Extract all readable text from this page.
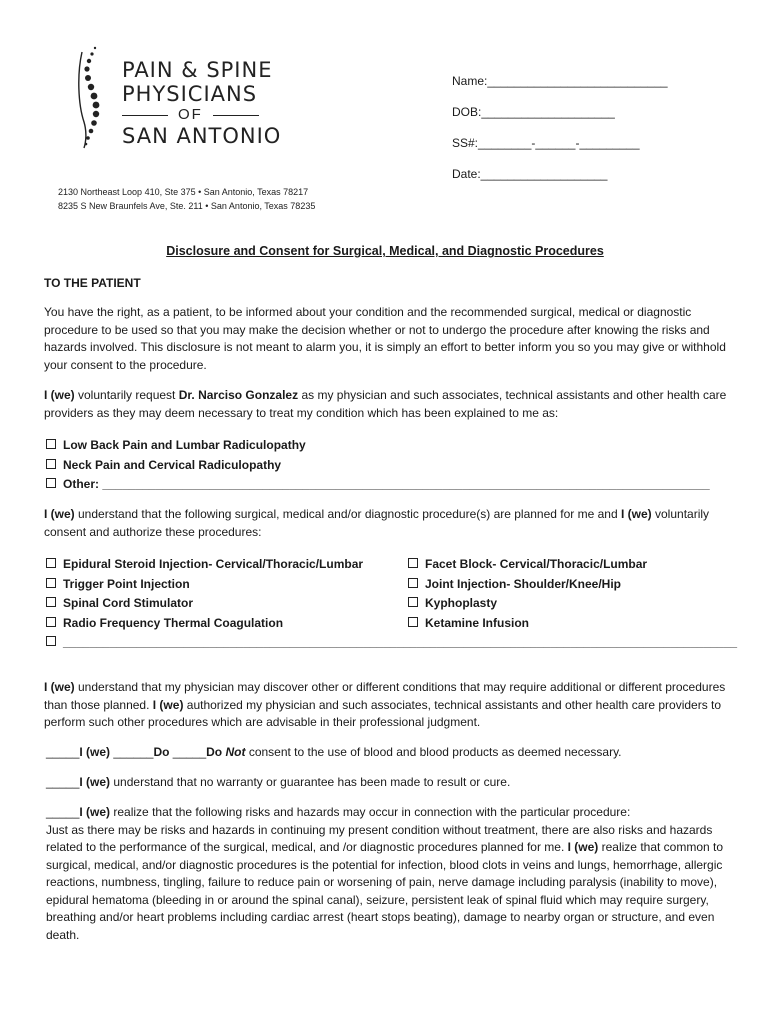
PAIN & SPINE
PHYSICIANS
OF
SAN ANTONIO
2130 Northeast Loop 410, Ste 375 • San Antonio, Texas 78217
8235 S New Braunfels Ave, Ste. 211 • San Antonio, Texas 78235
Name:___________________________
DOB:____________________
SS#:________-______-_________
Date:___________________
Disclosure and Consent for Surgical, Medical, and Diagnostic Procedures
TO THE PATIENT
You have the right, as a patient, to be informed about your condition and the recommended surgical, medical or diagnostic procedure to be used so that you may make the decision whether or not to undergo the procedure after knowing the risks and hazards involved. This disclosure is not meant to alarm you, it is simply an effort to better inform you so you may give or withhold your consent to the procedure.
I (we) voluntarily request Dr. Narciso Gonzalez as my physician and such associates, technical assistants and other health care providers as they may deem necessary to treat my condition which has been explained to me as:
Low Back Pain and Lumbar Radiculopathy
Neck Pain and Cervical Radiculopathy
Other: ___________________________________________________________________________________________
I (we) understand that the following surgical, medical and/or diagnostic procedure(s) are planned for me and I (we) voluntarily consent and authorize these procedures:
Epidural Steroid Injection- Cervical/Thoracic/Lumbar
Trigger Point Injection
Spinal Cord Stimulator
Radio Frequency Thermal Coagulation
_____________________________________________________________________________________________________
Facet Block- Cervical/Thoracic/Lumbar
Joint Injection- Shoulder/Knee/Hip
Kyphoplasty
Ketamine Infusion
I (we) understand that my physician may discover other or different conditions that may require additional or different procedures than those planned. I (we) authorized my physician and such associates, technical assistants and other health care providers to perform such other procedures which are advisable in their professional judgment.
_____I (we) ______Do _____Do Not consent to the use of blood and blood products as deemed necessary.
_____I (we) understand that no warranty or guarantee has been made to result or cure.
_____I (we) realize that the following risks and hazards may occur in connection with the particular procedure:
Just as there may be risks and hazards in continuing my present condition without treatment, there are also risks and hazards related to the performance of the surgical, medical, and /or diagnostic procedures planned for me. I (we) realize that common to surgical, medical, and/or diagnostic procedures is the potential for infection, blood clots in veins and lungs, hemorrhage, allergic reactions, numbness, tingling, failure to reduce pain or worsening of pain, nerve damage including paralysis (inability to move), epidural hematoma (bleeding in or around the spinal canal), seizure, persistent leak of spinal fluid which may require surgery, breathing and/or heart problems including cardiac arrest (heart stops beating), damage to nearby organ or structure, and even death.
